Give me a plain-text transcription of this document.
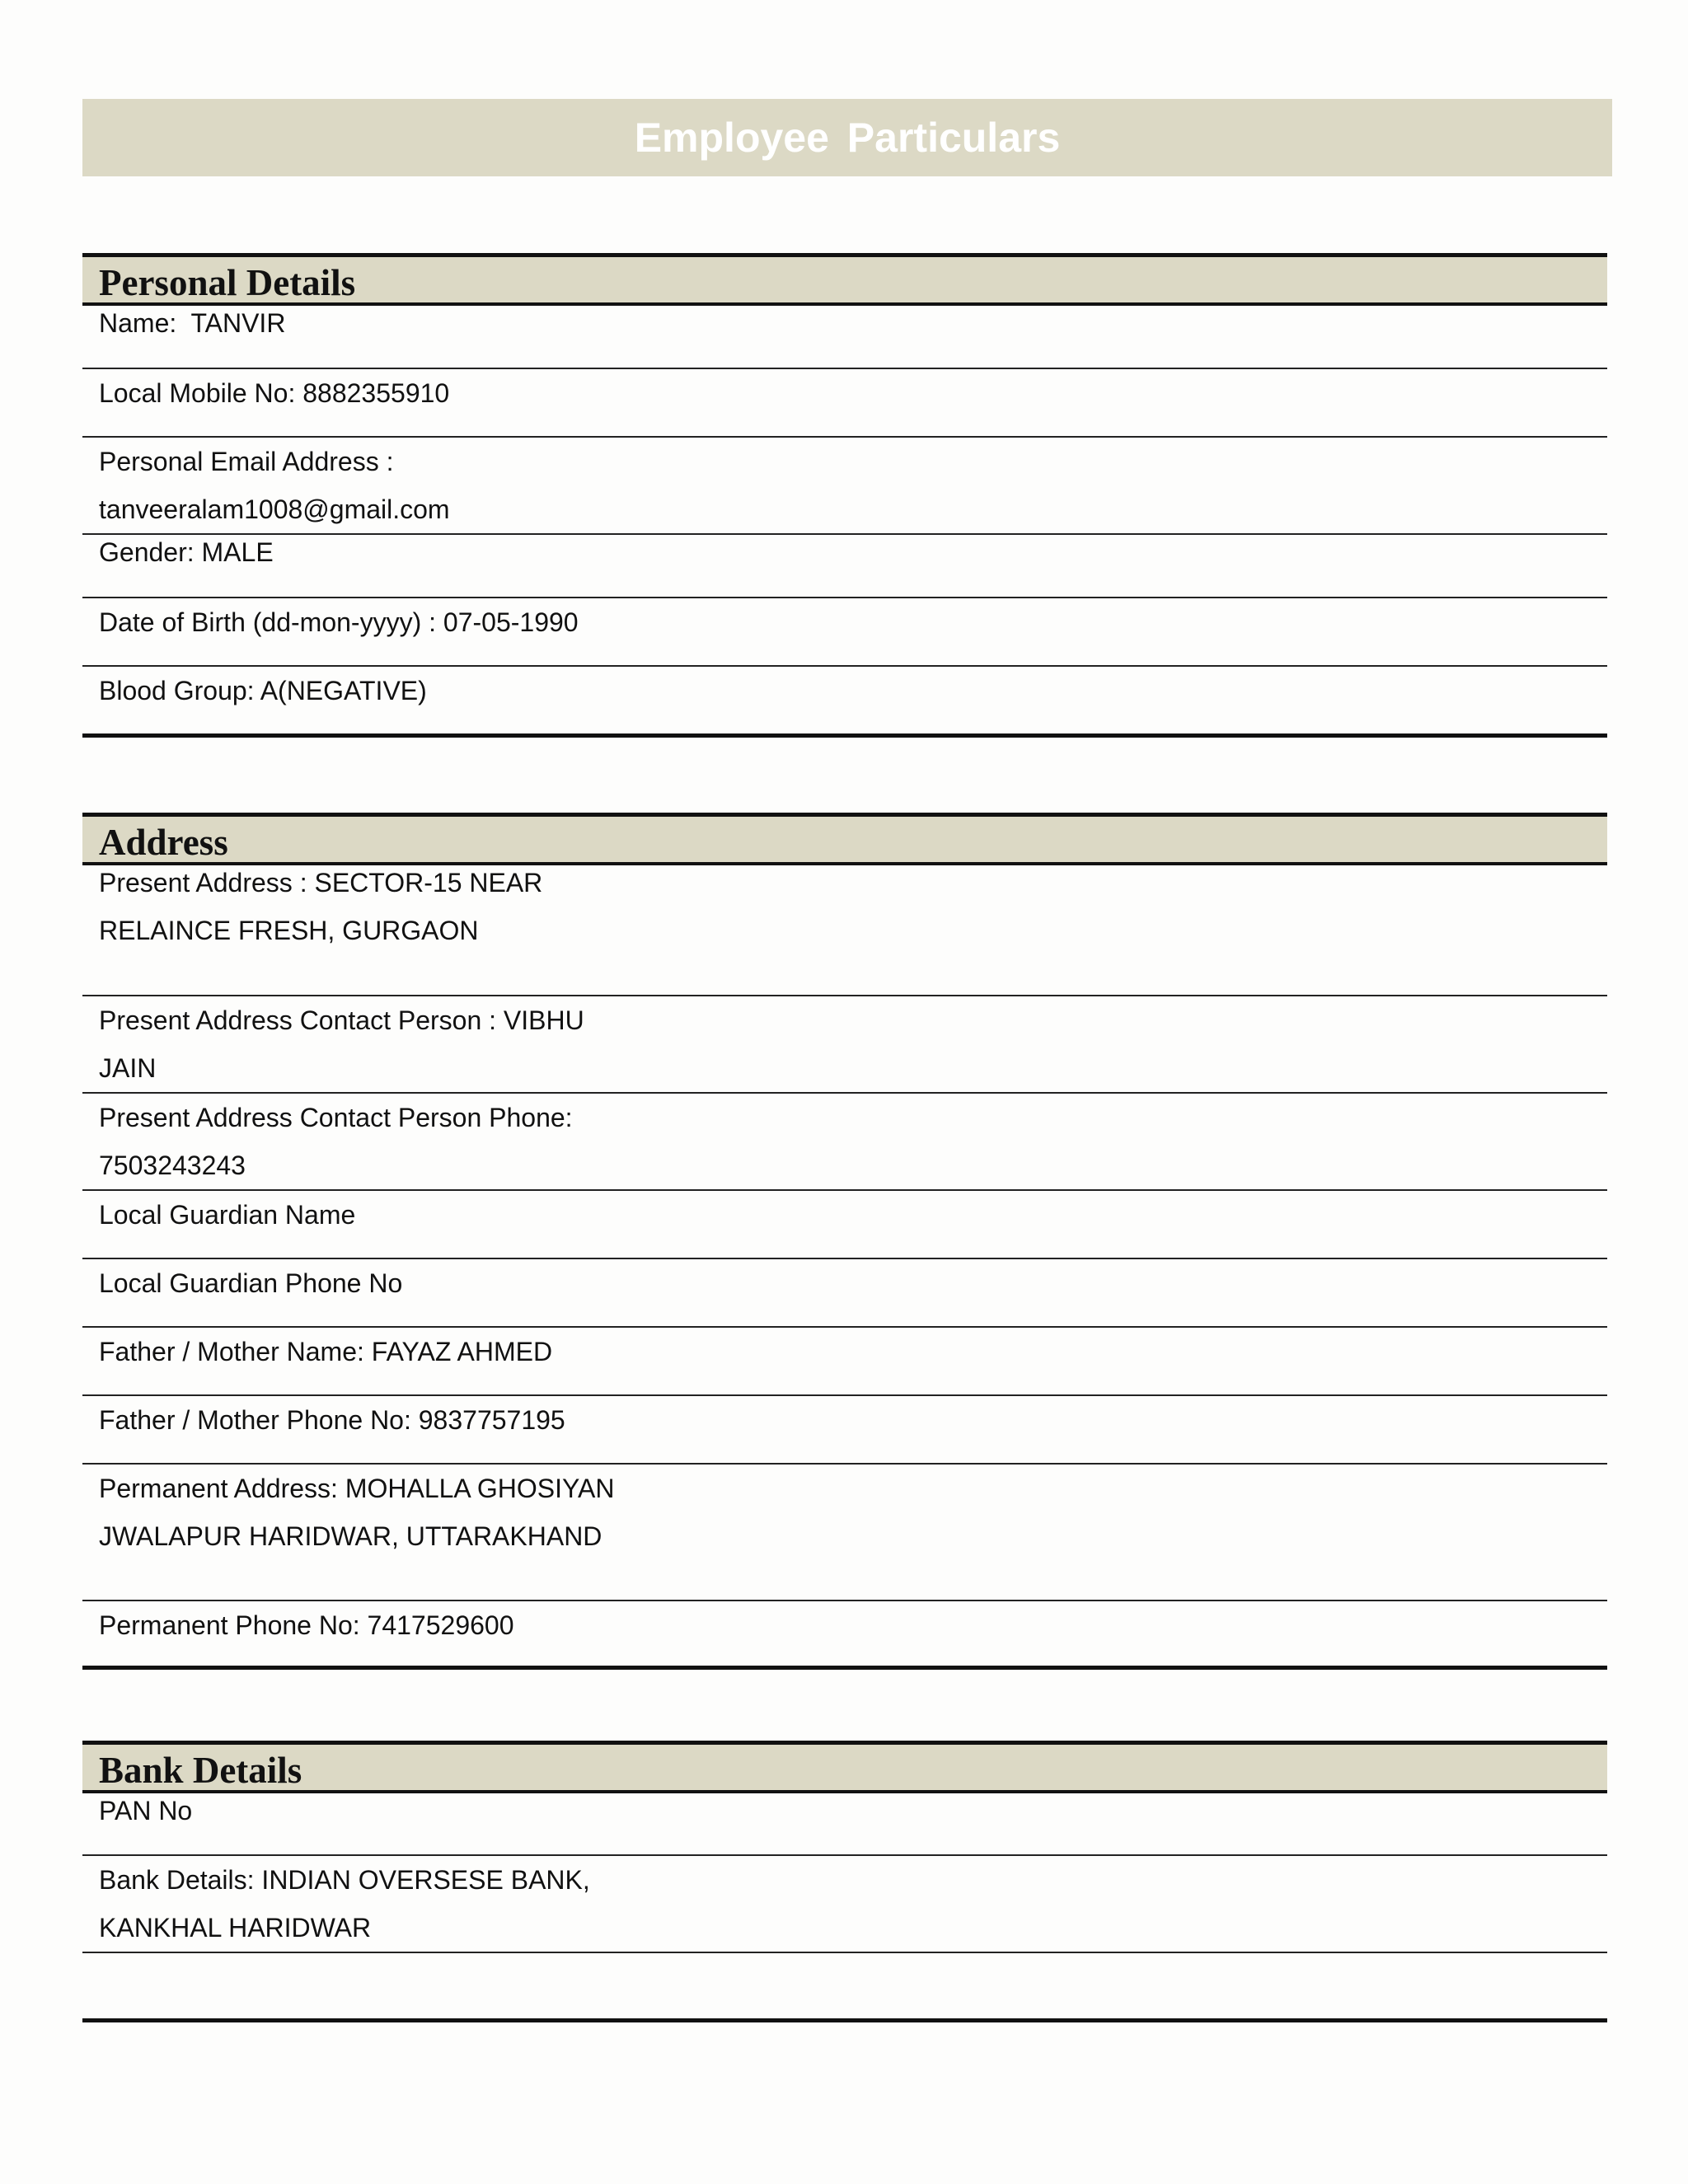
Employee Particulars
Personal Details
Name: TANVIR
Local Mobile No: 8882355910
Personal Email Address :
tanveeralam1008@gmail.com
Gender: MALE
Date of Birth (dd-mon-yyyy) : 07-05-1990
Blood Group: A(NEGATIVE)
Address
Present Address : SECTOR-15 NEAR
RELAINCE FRESH, GURGAON
Present Address Contact Person : VIBHU
JAIN
Present Address Contact Person Phone:
7503243243
Local Guardian Name
Local Guardian Phone No
Father / Mother Name: FAYAZ AHMED
Father / Mother Phone No: 9837757195
Permanent Address: MOHALLA GHOSIYAN
JWALAPUR HARIDWAR, UTTARAKHAND
Permanent Phone No: 7417529600
Bank Details
PAN No
Bank Details: INDIAN OVERSESE BANK,
KANKHAL HARIDWAR
